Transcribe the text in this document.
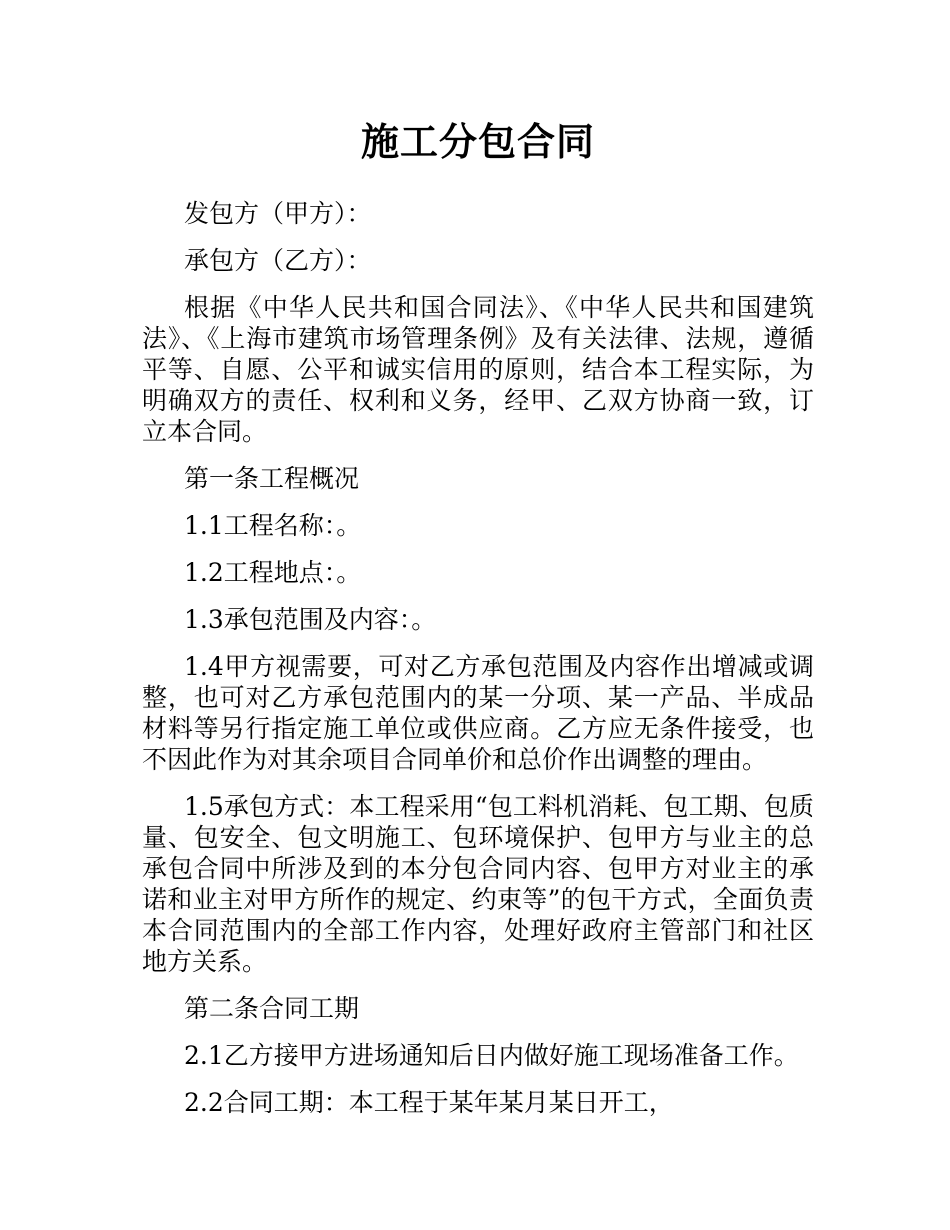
施工分包合同

发包方（甲方）：

承包方（乙方）：

根据《中华人民共和国合同法》、《中华人民共和国建筑法》、《上海市建筑市场管理条例》及有关法律、法规，遵循平等、自愿、公平和诚实信用的原则，结合本工程实际，为明确双方的责任、权利和义务，经甲、乙双方协商一致，订立本合同。

第一条工程概况

1.1工程名称：。

1.2工程地点：。

1.3承包范围及内容：。

1.4甲方视需要，可对乙方承包范围及内容作出增减或调整，也可对乙方承包范围内的某一分项、某一产品、半成品材料等另行指定施工单位或供应商。乙方应无条件接受，也不因此作为对其余项目合同单价和总价作出调整的理由。

1.5承包方式：本工程采用“包工料机消耗、包工期、包质量、包安全、包文明施工、包环境保护、包甲方与业主的总承包合同中所涉及到的本分包合同内容、包甲方对业主的承诺和业主对甲方所作的规定、约束等”的包干方式，全面负责本合同范围内的全部工作内容，处理好政府主管部门和社区地方关系。

第二条合同工期

2.1乙方接甲方进场通知后日内做好施工现场准备工作。

2.2合同工期：本工程于某年某月某日开工，
